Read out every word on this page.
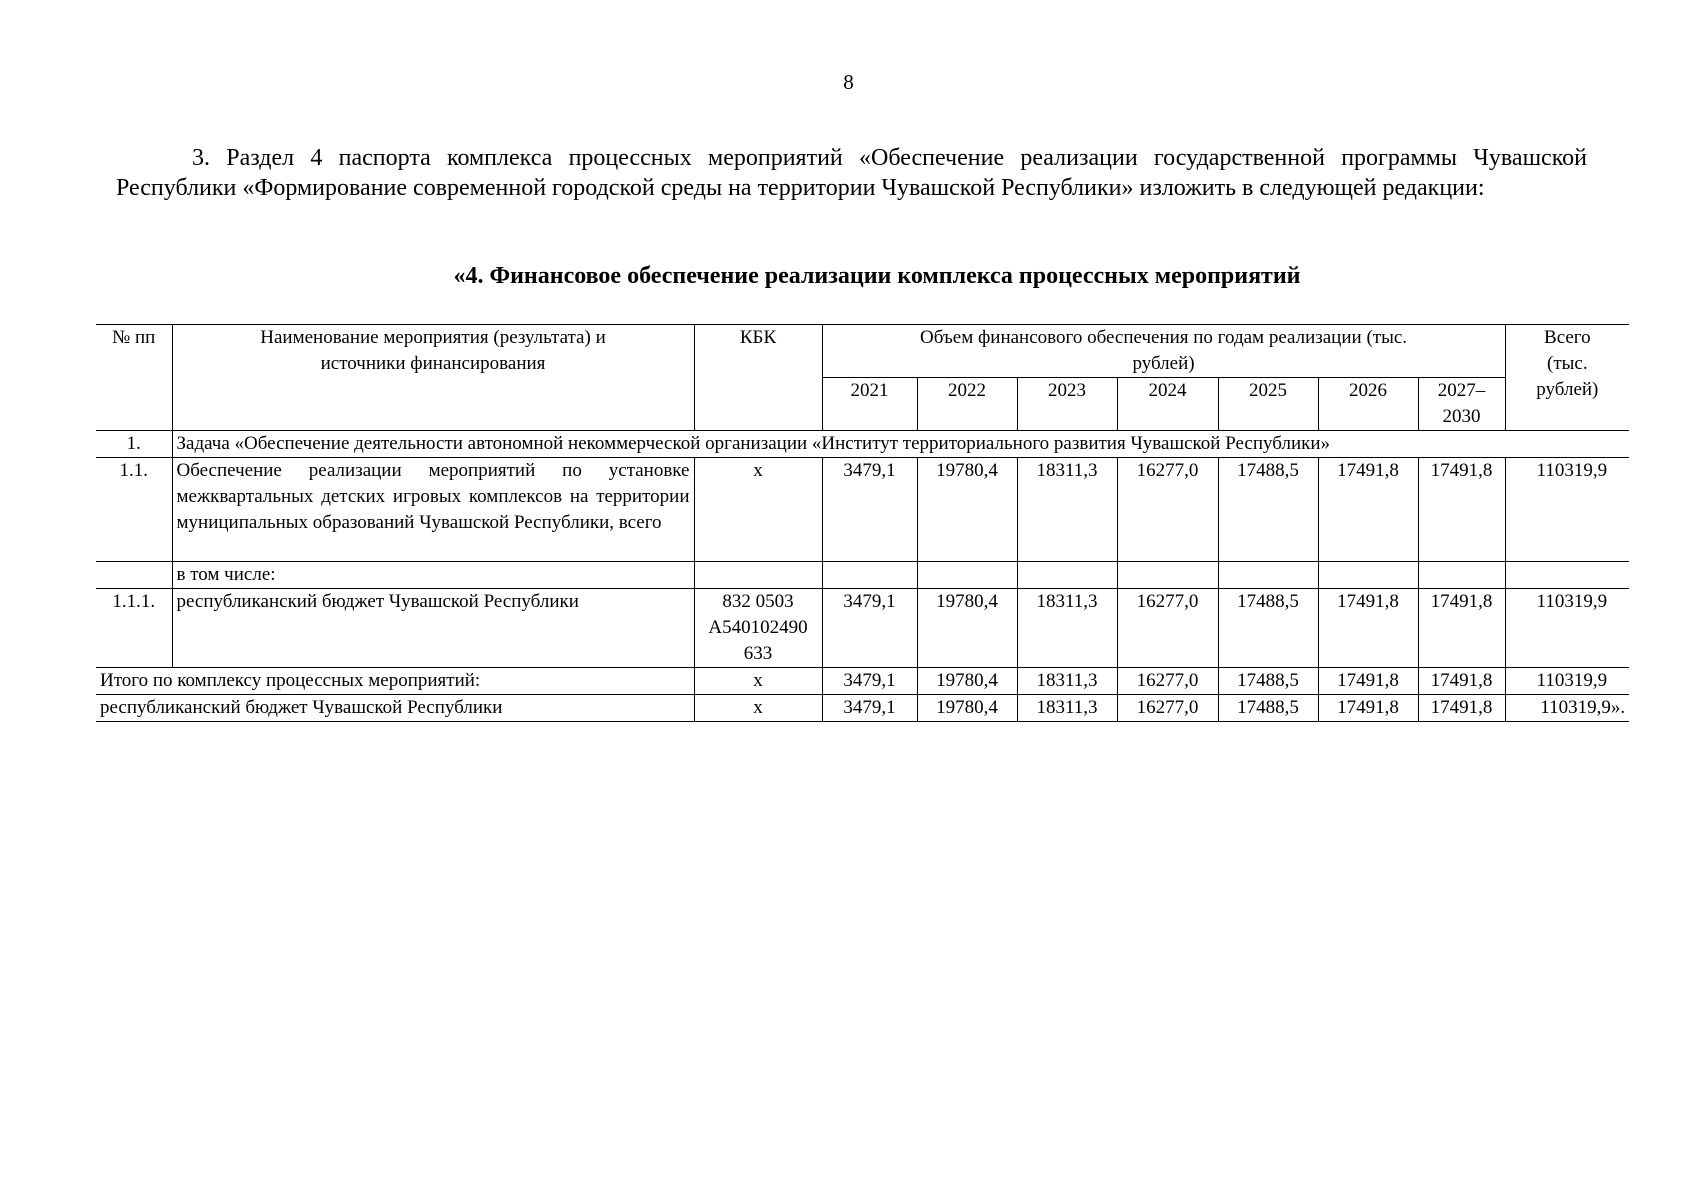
8

3. Раздел 4 паспорта комплекса процессных мероприятий «Обеспечение реализации государственной программы Чувашской Республики «Формирование современной городской среды на территории Чувашской Республики» изложить в следующей редакции:

«4. Финансовое обеспечение реализации комплекса процессных мероприятий

№ пп	Наименование мероприятия (результата) и источники финансирования	КБК	Объем финансового обеспечения по годам реализации (тыс. рублей)							Всего (тыс. рублей)
			2021	2022	2023	2024	2025	2026	2027–2030	
1.	Задача «Обеспечение деятельности автономной некоммерческой организации «Институт территориального развития Чувашской Республики»									
1.1.	Обеспечение реализации мероприятий по установке межквартальных детских игровых комплексов на территории муниципальных образований Чувашской Республики, всего	x	3479,1	19780,4	18311,3	16277,0	17488,5	17491,8	17491,8	110319,9
	в том числе:									
1.1.1.	республиканский бюджет Чувашской Республики	832 0503 A540102490 633	3479,1	19780,4	18311,3	16277,0	17488,5	17491,8	17491,8	110319,9
Итого по комплексу процессных мероприятий:		x	3479,1	19780,4	18311,3	16277,0	17488,5	17491,8	17491,8	110319,9
республиканский бюджет Чувашской Республики		x	3479,1	19780,4	18311,3	16277,0	17488,5	17491,8	17491,8	110319,9».
